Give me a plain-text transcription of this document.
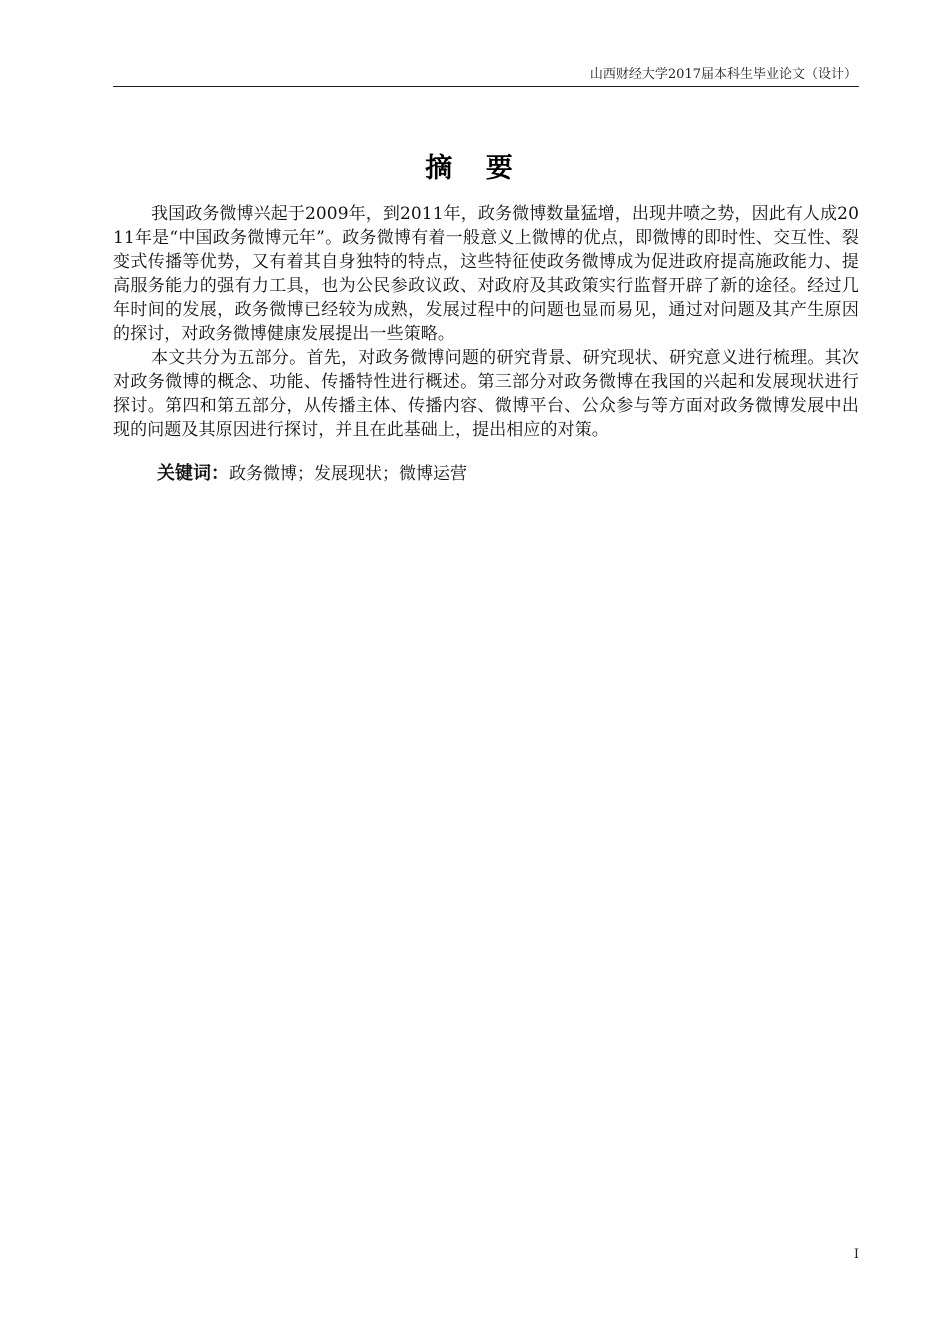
山西财经大学2017届本科生毕业论文（设计）
摘 要

我国政务微博兴起于2009年，到2011年，政务微博数量猛增，出现井喷之势，因此有人成2011年是“中国政务微博元年”。政务微博有着一般意义上微博的优点，即微博的即时性、交互性、裂变式传播等优势，又有着其自身独特的特点，这些特征使政务微博成为促进政府提高施政能力、提高服务能力的强有力工具，也为公民参政议政、对政府及其政策实行监督开辟了新的途径。经过几年时间的发展，政务微博已经较为成熟，发展过程中的问题也显而易见，通过对问题及其产生原因的探讨，对政务微博健康发展提出一些策略。

本文共分为五部分。首先，对政务微博问题的研究背景、研究现状、研究意义进行梳理。其次对政务微博的概念、功能、传播特性进行概述。第三部分对政务微博在我国的兴起和发展现状进行探讨。第四和第五部分，从传播主体、传播内容、微博平台、公众参与等方面对政务微博发展中出现的问题及其原因进行探讨，并且在此基础上，提出相应的对策。

关键词：政务微博；发展现状；微博运营
I
